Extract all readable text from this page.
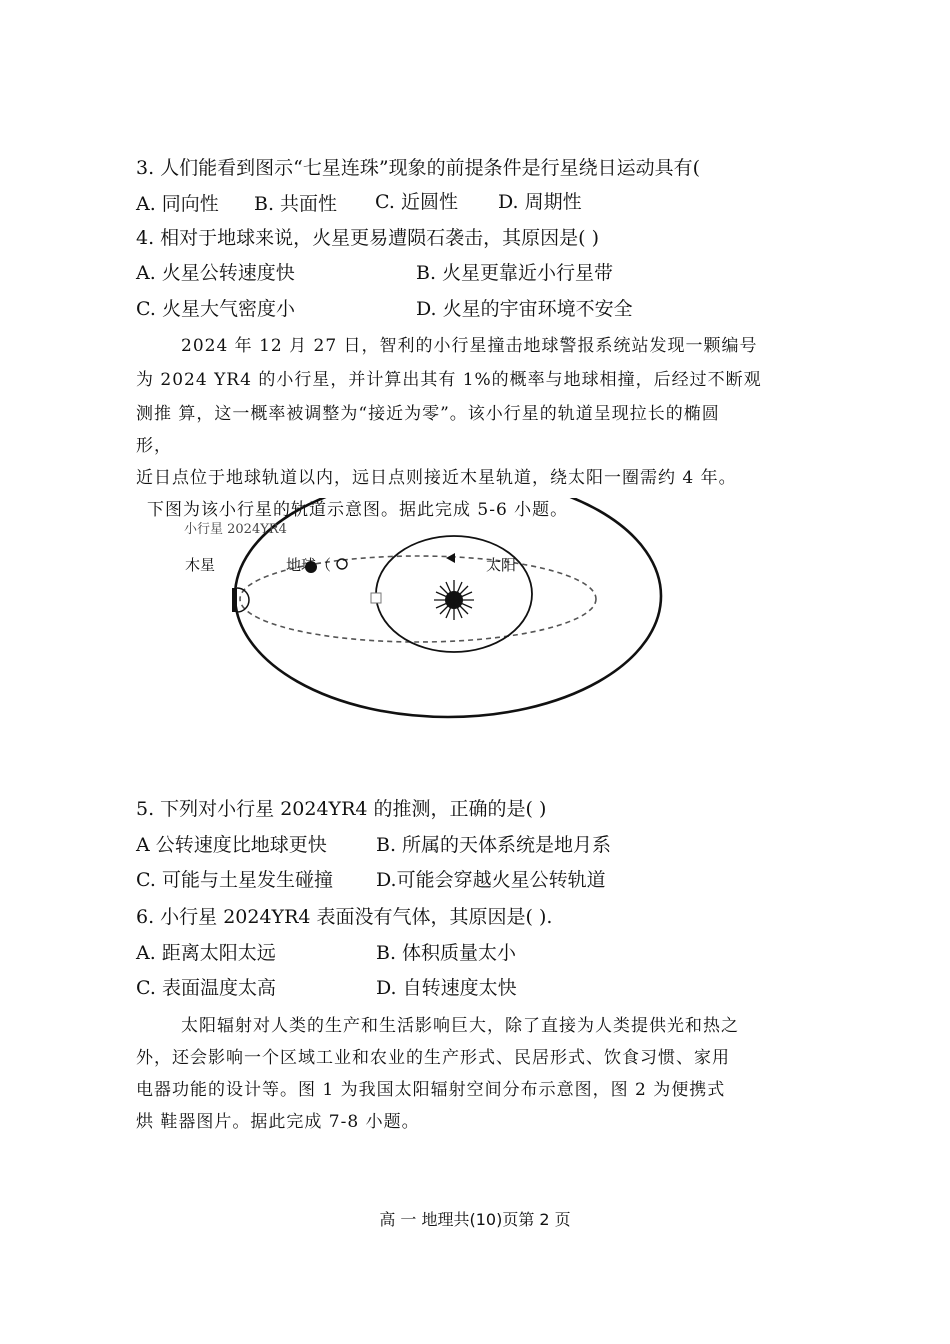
3. 人们能看到图示“七星连珠”现象的前提条件是行星绕日运动具有(
A. 同向性 B. 共面性 C. 近圆性 D. 周期性
4. 相对于地球来说，火星更易遭陨石袭击，其原因是( )
A. 火星公转速度快	B. 火星更靠近小行星带
C. 火星大气密度小	D. 火星的宇宙环境不安全
2024 年 12 月 27 日，智利的小行星撞击地球警报系统站发现一颗编号
为 2024 YR4 的小行星，并计算出其有 1%的概率与地球相撞，后经过不断观
测推 算，这一概率被调整为“接近为零”。该小行星的轨道呈现拉长的椭圆
形，
近日点位于地球轨道以内，远日点则接近木星轨道，绕太阳一圈需约 4 年。
下图为该小行星的轨道示意图。据此完成 5-6 小题。
小行星 2024YR4
木星	地球（	太阳
5. 下列对小行星 2024YR4 的推测，正确的是( )
A 公转速度比地球更快	B. 所属的天体系统是地月系
C. 可能与土星发生碰撞 D.可能会穿越火星公转轨道
6. 小行星 2024YR4 表面没有气体，其原因是( ).
A. 距离太阳太远	B. 体积质量太小
C. 表面温度太高	D. 自转速度太快
太阳辐射对人类的生产和生活影响巨大，除了直接为人类提供光和热之
外，还会影响一个区域工业和农业的生产形式、民居形式、饮食习惯、家用
电器功能的设计等。图 1 为我国太阳辐射空间分布示意图，图 2 为便携式
烘 鞋器图片。据此完成 7-8 小题。
高 一 地理共(10)页第 2 页
